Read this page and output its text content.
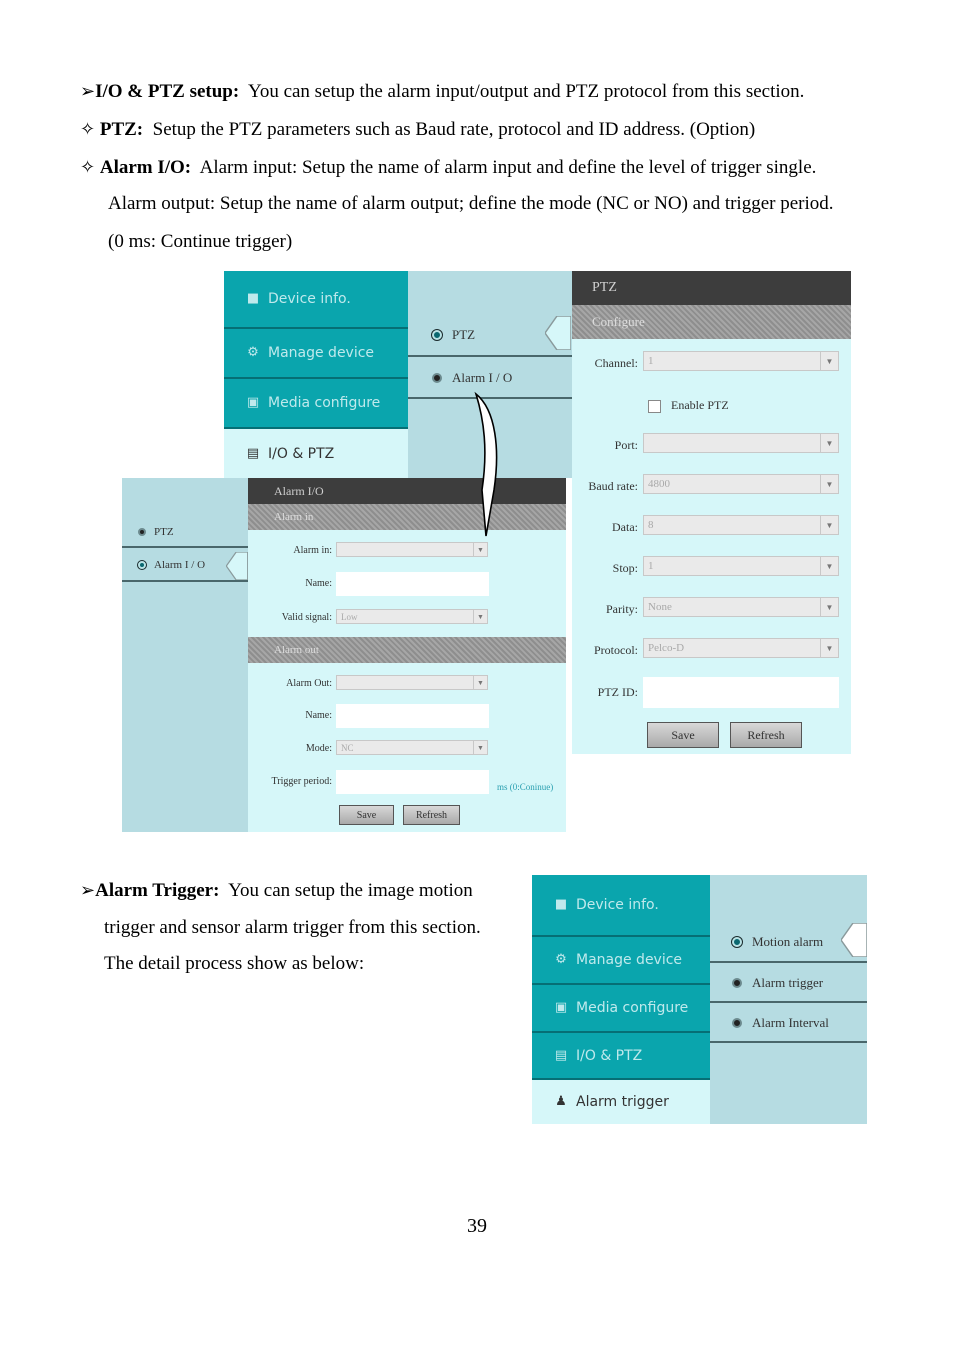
➢I/O & PTZ setup: You can setup the alarm input/output and PTZ protocol from this section.
✧ PTZ: Setup the PTZ parameters such as Baud rate, protocol and ID address. (Option)
✧ Alarm I/O: Alarm input: Setup the name of alarm input and define the level of trigger single.
Alarm output: Setup the name of alarm output; define the mode (NC or NO) and trigger period.
(0 ms: Continue trigger)
■ Device info.
⚙ Manage device
▣ Media configure
▤ I/O & PTZ
PTZ
Alarm I / O
PTZ
Configure
Channel: 1	▼
Enable PTZ
Port:	▼
Baud rate: 4800	▼
Data: 8	▼
Stop: 1	▼
Parity: None	▼
Protocol: Pelco-D	▼
PTZ ID:
Save	Refresh
PTZ
Alarm I / O
Alarm I/O
Alarm in
Alarm in:	▼
Name:
Valid signal: Low	▼
Alarm out
Alarm Out:	▼
Name:
Mode: NC	▼
Trigger period:	ms (0:Coninue)
Save	Refresh
➢Alarm Trigger: You can setup the image motion
trigger and sensor alarm trigger from this section.
The detail process show as below:
■ Device info.
⚙ Manage device
▣ Media configure
▤ I/O & PTZ
♟ Alarm trigger
Motion alarm
Alarm trigger
Alarm Interval
39
